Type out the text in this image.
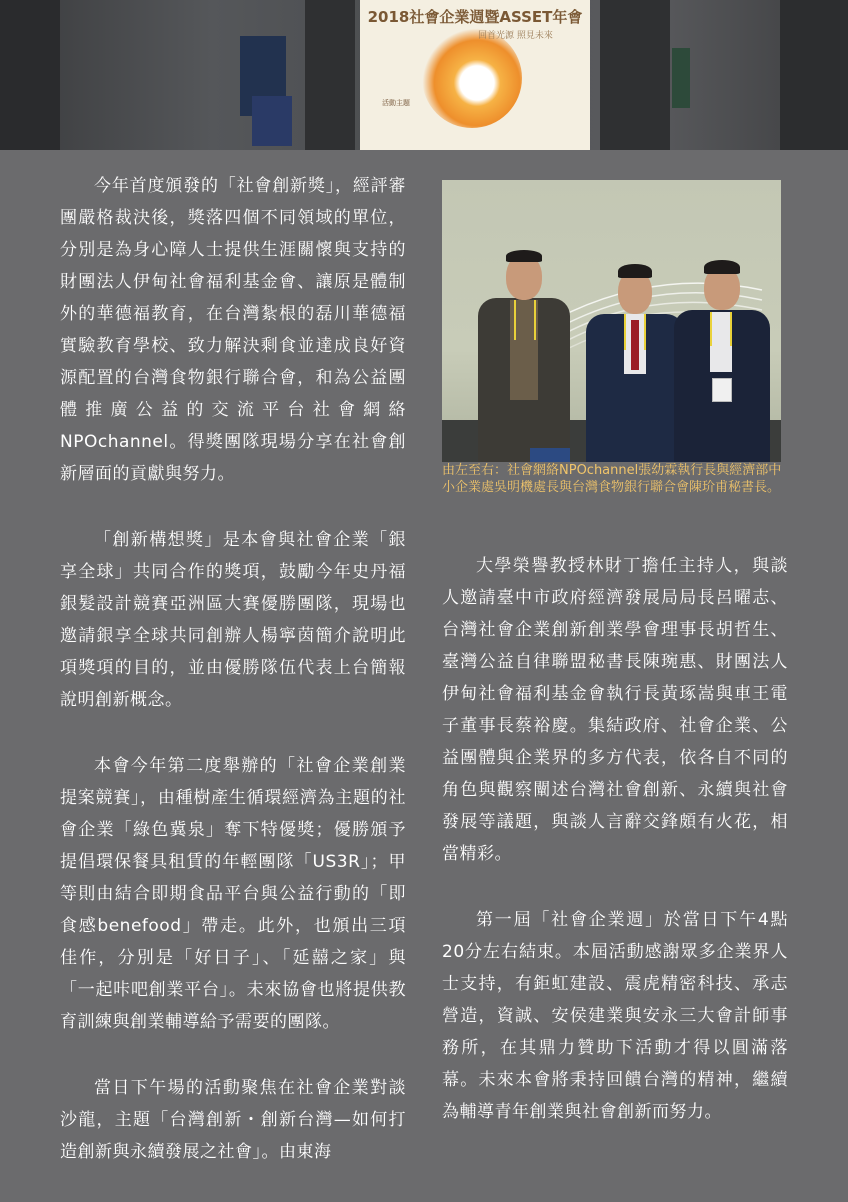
2018社會企業週暨ASSET年會
回首光源 照見未來
活動主題

今年首度頒發的「社會創新獎」，經評審團嚴格裁決後，獎落四個不同領域的單位，分別是為身心障人士提供生涯關懷與支持的財團法人伊甸社會福利基金會、讓原是體制外的華德福教育，在台灣紮根的磊川華德福實驗教育學校、致力解決剩食並達成良好資源配置的台灣食物銀行聯合會，和為公益團體推廣公益的交流平台社會網絡NPOchannel。得獎團隊現場分享在社會創新層面的貢獻與努力。

「創新構想獎」是本會與社會企業「銀享全球」共同合作的獎項，鼓勵今年史丹福銀髮設計競賽亞洲區大賽優勝團隊，現場也邀請銀享全球共同創辦人楊寧茵簡介說明此項獎項的目的，並由優勝隊伍代表上台簡報說明創新概念。

本會今年第二度舉辦的「社會企業創業提案競賽」，由種樹產生循環經濟為主題的社會企業「綠色冀泉」奪下特優獎；優勝頒予提倡環保餐具租賃的年輕團隊「US3R」；甲等則由結合即期食品平台與公益行動的「即食感benefood」帶走。此外，也頒出三項佳作，分別是「好日子」、「延囍之家」與「一起咔吧創業平台」。未來協會也將提供教育訓練與創業輔導給予需要的團隊。

當日下午場的活動聚焦在社會企業對談沙龍，主題「台灣創新・創新台灣—如何打造創新與永續發展之社會」。由東海

由左至右：社會網絡NPOchannel張幼霖執行長與經濟部中小企業處吳明機處長與台灣食物銀行聯合會陳玠甫秘書長。

大學榮譽教授林財丁擔任主持人，與談人邀請臺中市政府經濟發展局局長呂曜志、台灣社會企業創新創業學會理事長胡哲生、臺灣公益自律聯盟秘書長陳琬惠、財團法人伊甸社會福利基金會執行長黃琢嵩與車王電子董事長蔡裕慶。集結政府、社會企業、公益團體與企業界的多方代表，依各自不同的角色與觀察闡述台灣社會創新、永續與社會發展等議題，與談人言辭交鋒頗有火花，相當精彩。

第一屆「社會企業週」於當日下午4點20分左右結束。本屆活動感謝眾多企業界人士支持，有鉅虹建設、震虎精密科技、承志營造，資誠、安侯建業與安永三大會計師事務所，在其鼎力贊助下活動才得以圓滿落幕。未來本會將秉持回饋台灣的精神，繼續為輔導青年創業與社會創新而努力。
